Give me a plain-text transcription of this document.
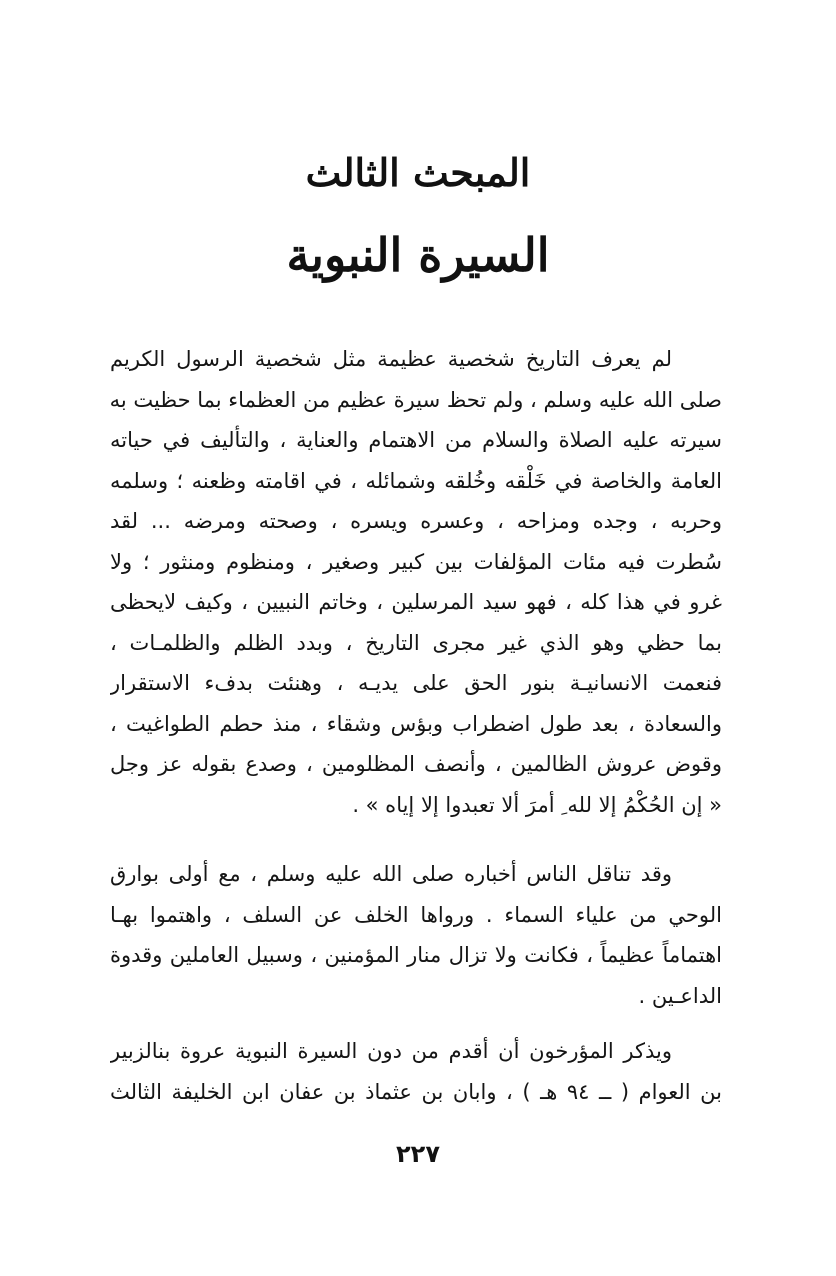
المبحث الثالث
السيرة النبوية
لم يعرف التاريخ شخصية عظيمة مثل شخصية الرسول الكريم
صلى الله عليه وسلم ، ولم تحظ سيرة عظيم من العظماء بما حظيت به
سيرته عليه الصلاة والسلام من الاهتمام والعناية ، والتأليف في حياته
العامة والخاصة في خَلْقه وخُلقه وشمائله ، في اقامته وظعنه ؛ وسلمه
وحربه ، وجده ومزاحه ، وعسره ويسره ، وصحته ومرضه ... لقد
سُطرت فيه مئات المؤلفات بين كبير وصغير ، ومنظوم ومنثور ؛ ولا
غرو في هذا كله ، فهو سيد المرسلين ، وخاتم النبيين ، وكيف لايحظى
بما حظي وهو الذي غير مجرى التاريخ ، وبدد الظلم والظلمـات ،
فنعمت الانسانيـة بنور الحق على يديـه ، وهنئت بدفء الاستقرار
والسعادة ، بعد طول اضطراب وبؤس وشقاء ، منذ حطم الطواغيت ،
وقوض عروش الظالمين ، وأنصف المظلومين ، وصدع بقوله عز وجل
« إن الحُكْمُ إلا لله ِ أمرَ ألا تعبدوا إلا إياه » .
وقد تناقل الناس أخباره صلى الله عليه وسلم ، مع أولى بوارق
الوحي من علياء السماء . ورواها الخلف عن السلف ، واهتموا بهـا
اهتماماً عظيماً ، فكانت ولا تزال منار المؤمنين ، وسبيل العاملين وقدوة
الداعـين .
ويذكر المؤرخون أن أقدم من دون السيرة النبوية عروة بنالزبير
بن العوام ( ــ ٩٤ هـ ) ، وابان بن عثماذ بن عفان ابن الخليفة الثالث
٢٢٧
